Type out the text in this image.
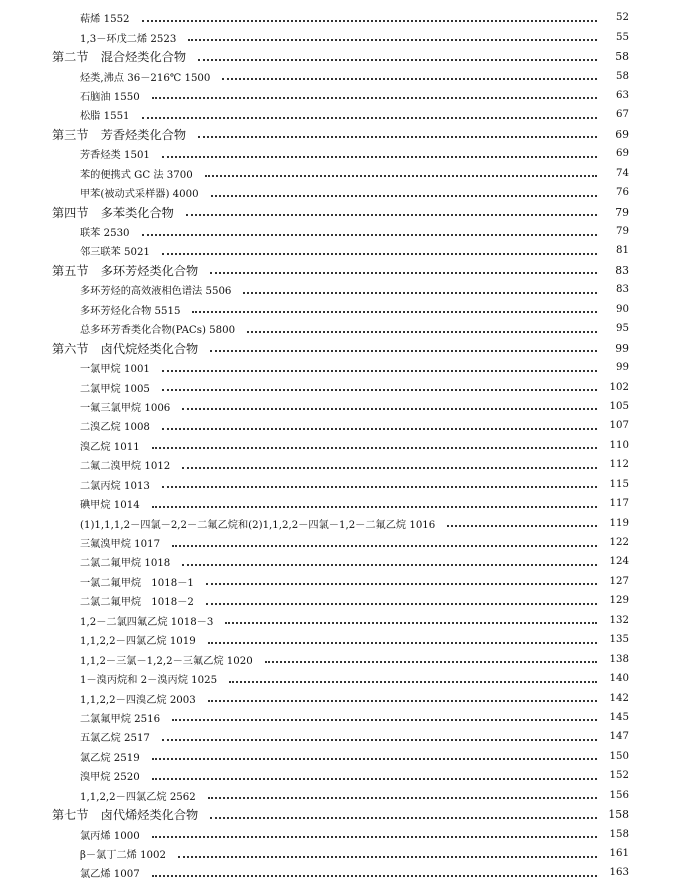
萜烯 1552	52
1,3－环戊二烯 2523	55
第二节　混合烃类化合物	58
烃类,沸点 36－216℃ 1500	58
石脑油 1550	63
松脂 1551	67
第三节　芳香烃类化合物	69
芳香烃类 1501	69
苯的便携式 GC 法 3700	74
甲苯(被动式采样器) 4000	76
第四节　多苯类化合物	79
联苯 2530	79
邻三联苯 5021	81
第五节　多环芳烃类化合物	83
多环芳烃的高效液相色谱法 5506	83
多环芳烃化合物 5515	90
总多环芳香类化合物(PACs) 5800	95
第六节　卤代烷烃类化合物	99
一氯甲烷 1001	99
二氯甲烷 1005	102
一氟三氯甲烷 1006	105
二溴乙烷 1008	107
溴乙烷 1011	110
二氟二溴甲烷 1012	112
二氯丙烷 1013	115
碘甲烷 1014	117
(1)1,1,1,2－四氯－2,2－二氟乙烷和(2)1,1,2,2－四氯－1,2－二氟乙烷 1016	119
三氟溴甲烷 1017	122
二氯二氟甲烷 1018	124
一氯二氟甲烷　1018－1	127
二氯二氟甲烷　1018－2	129
1,2－二氯四氟乙烷 1018－3	132
1,1,2,2－四氯乙烷 1019	135
1,1,2－三氯－1,2,2－三氟乙烷 1020	138
1－溴丙烷和 2－溴丙烷 1025	140
1,1,2,2－四溴乙烷 2003	142
二氯氟甲烷 2516	145
五氯乙烷 2517	147
氯乙烷 2519	150
溴甲烷 2520	152
1,1,2,2－四氯乙烷 2562	156
第七节　卤代烯烃类化合物	158
氯丙烯 1000	158
β－氯丁二烯 1002	161
氯乙烯 1007	163
